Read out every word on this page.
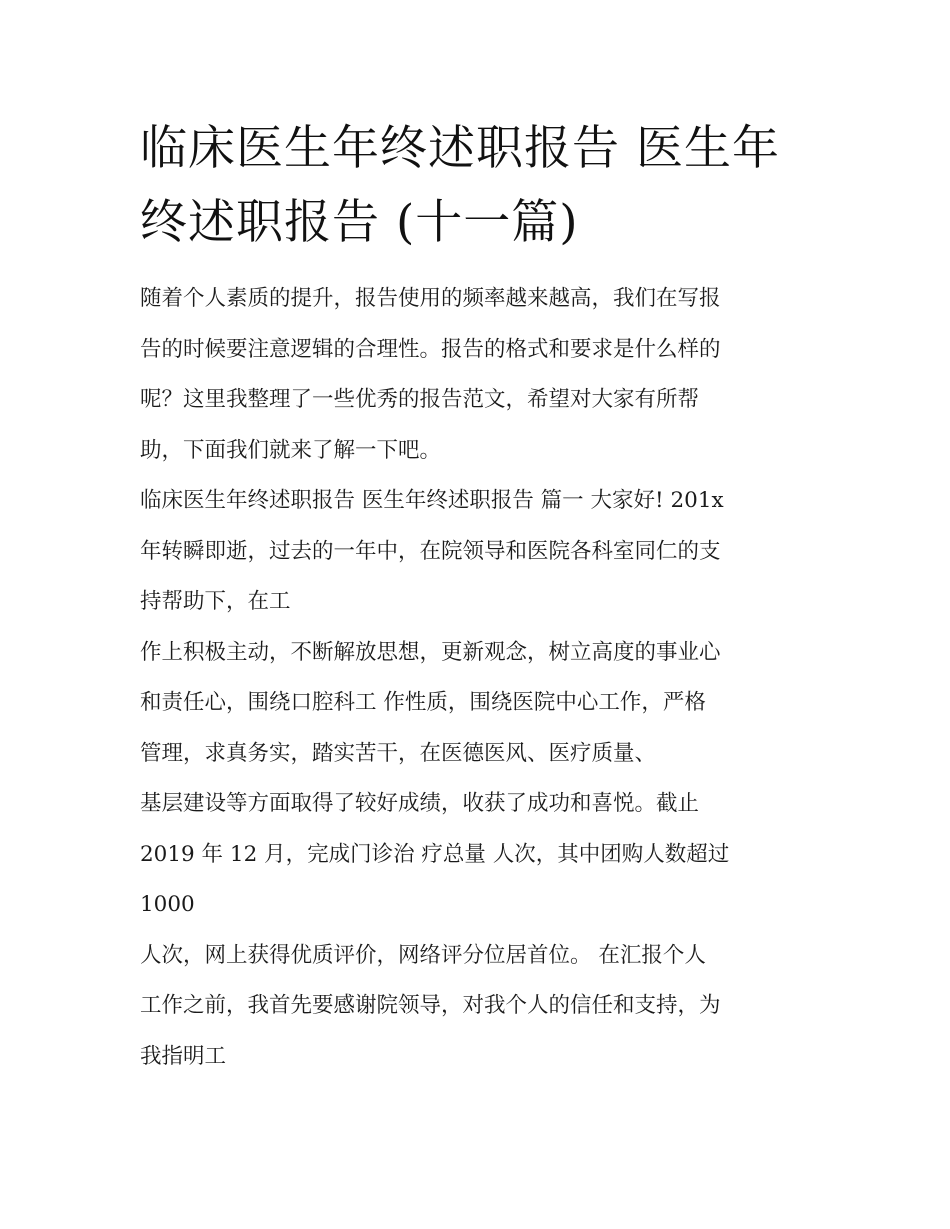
临床医生年终述职报告 医生年
终述职报告 (十一篇)

随着个人素质的提升，报告使用的频率越来越高，我们在写报
告的时候要注意逻辑的合理性。报告的格式和要求是什么样的
呢？这里我整理了一些优秀的报告范文，希望对大家有所帮
助，下面我们就来了解一下吧。

临床医生年终述职报告 医生年终述职报告 篇一 大家好! 201x
年转瞬即逝，过去的一年中，在院领导和医院各科室同仁的支
持帮助下，在工

作上积极主动，不断解放思想，更新观念，树立高度的事业心
和责任心，围绕口腔科工 作性质，围绕医院中心工作，严格
管理，求真务实，踏实苦干，在医德医风、医疗质量、

基层建设等方面取得了较好成绩，收获了成功和喜悦。截止
2019 年 12 月，完成门诊治 疗总量 人次，其中团购人数超过
1000

人次，网上获得优质评价，网络评分位居首位。 在汇报个人
工作之前，我首先要感谢院领导，对我个人的信任和支持，为
我指明工
